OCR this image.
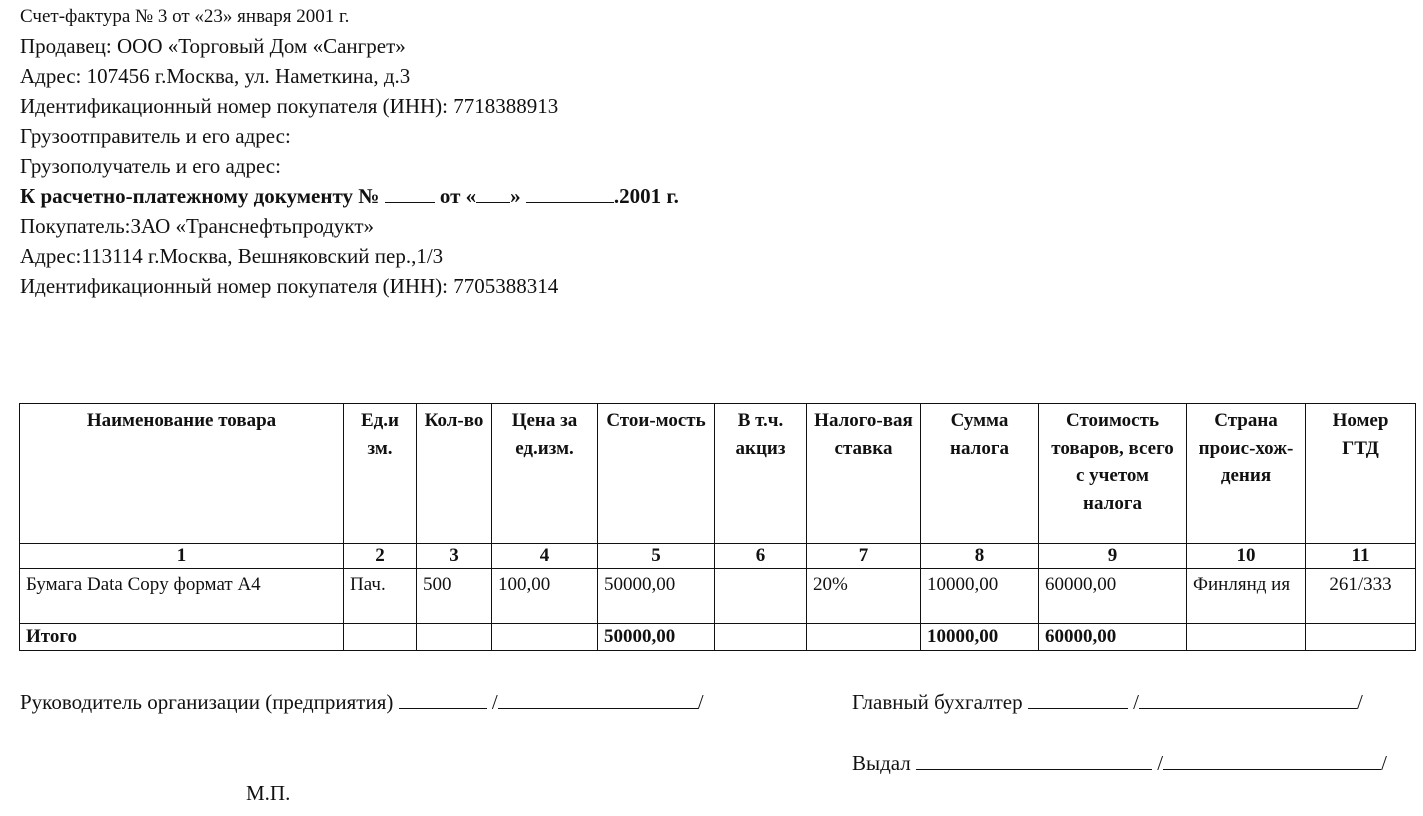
Счет-фактура № 3 от «23» января 2001 г.
Продавец: ООО «Торговый Дом «Сангрет»
Адрес: 107456 г.Москва, ул. Наметкина, д.3
Идентификационный номер покупателя (ИНН): 7718388913
Грузоотправитель и его адрес:
Грузополучатель и его адрес:
К расчетно-платежному документу №	от « »	.2001 г.
Покупатель:ЗАО «Транснефтьпродукт»
Адрес:113114 г.Москва, Вешняковский пер.,1/3
Идентификационный номер покупателя (ИНН): 7705388314
Наименование товара	Ед.и зм.	Кол-во	Цена за ед.изм.	Стои-мость	В т.ч. акциз	Налого-вая ставка	Сумма налога	Стоимость товаров, всего с учетом налога	Страна проис-хож-дения	Номер ГТД
1	2	3	4	5	6	7	8	9	10	11
Бумага Data Copy формат А4	Пач.	500	100,00	50000,00		20%	10000,00	60000,00	Финлянд ия	261/333
Итого				50000,00			10000,00	60000,00		
Руководитель организации (предприятия)	/	/	Главный бухгалтер	/	/
Выдал	/	/
М.П.
